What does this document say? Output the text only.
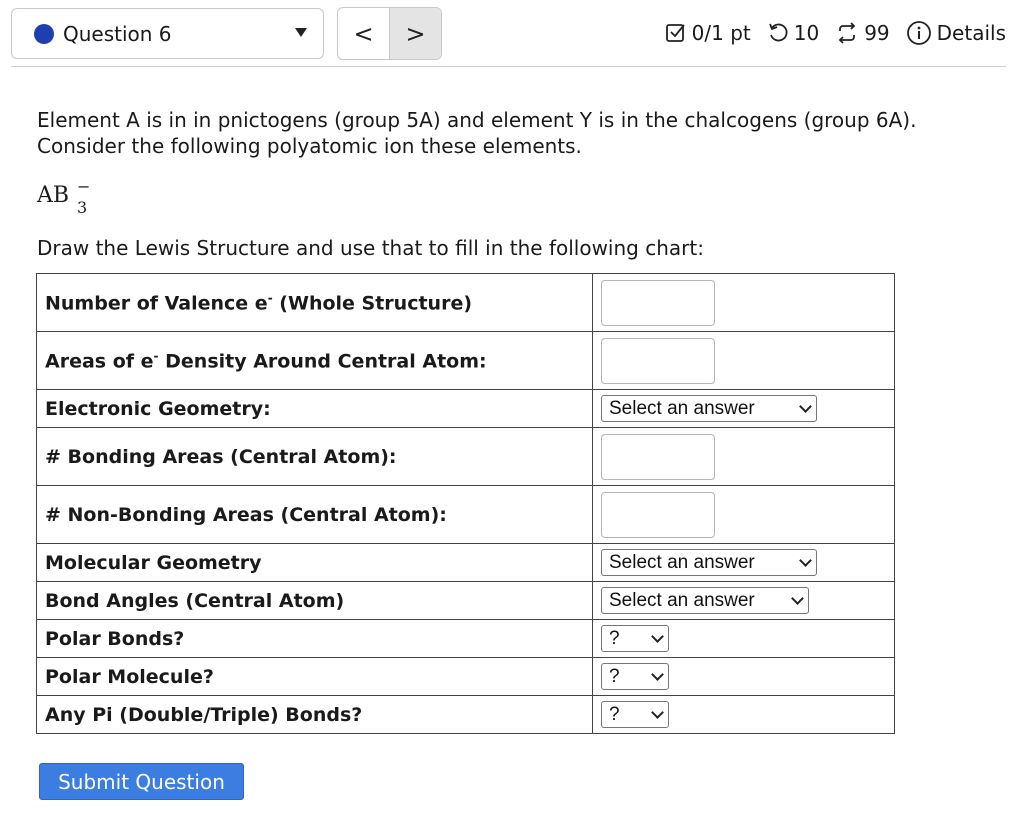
Question 6	<	>	0/1 pt 10 99 Details
Element A is in in pnictogens (group 5A) and element Y is in the chalcogens (group 6A).
Consider the following polyatomic ion these elements.
AB −
3
Draw the Lewis Structure and use that to fill in the following chart:
Number of Valence e- (Whole Structure)	

Areas of e- Density Around Central Atom:	

Electronic Geometry:	Select an answer

# Bonding Areas (Central Atom):	

# Non-Bonding Areas (Central Atom):	

Molecular Geometry	Select an answer

Bond Angles (Central Atom)	Select an answer

Polar Bonds?	?

Polar Molecule?	?

Any Pi (Double/Triple) Bonds?	?
Submit Question
